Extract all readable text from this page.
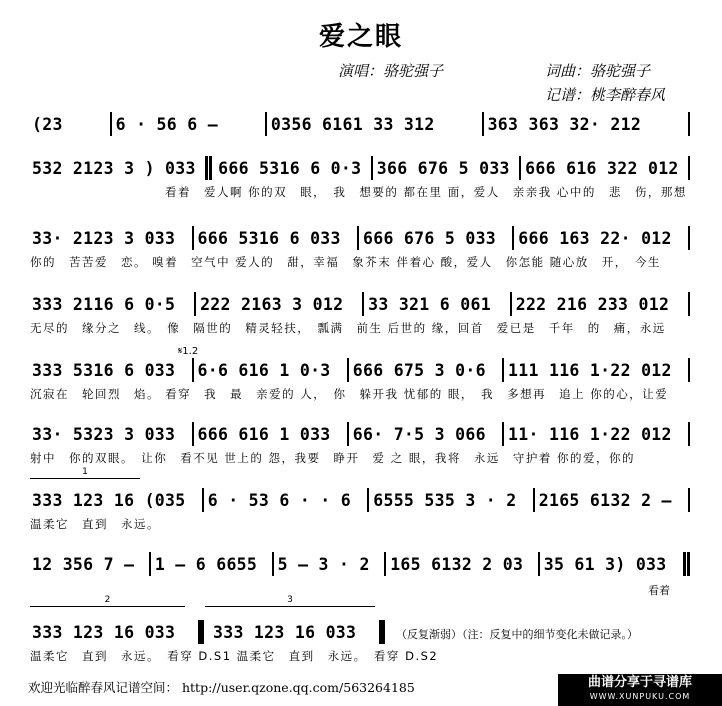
爱之眼
演唱：骆驼强子	词曲：骆驼强子
记谱：桃李醉春风
(23	6 · 56 6 –	0356 6161 33 312	363 363 32· 212
532 2123 3 ) 033	666 5316 6 0·3 366 676 5 033 666 616 322 012
看着　爱人啊 你的双　眼，　我　想要的 都在里 面，爱人　亲亲我 心中的　悲　伤，那想
33· 2123 3 033	666 5316 6 033	666 676 5 033	666 163 22· 012
你的　苦苦爱　恋。 嗅着　空气中 爱人的　甜，幸福　象芥末 伴着心 酸，爱人　你怎能 随心放　开，　今生
333 2116 6 0·5	222 2163 3 012	33 321 6 061	222 216 233 012
无尽的　缘分之　线。　像　隔世的　精灵轻扶，　瓢满　前生 后世的 缘，回首　爱已是　千年　的　痛，永远
𝄋1.2
333 5316 6 033	6·6 616 1 0·3	666 675 3 0·6	111 116 1·22 012
沉寂在　轮回烈　焰。 看穿　我　最　亲爱的 人，　你　躲开我 忧郁的 眼，　我　多想再　追上 你的心，让爱
33· 5323 3 033	666 616 1 033	66· 7·5 3 066	11· 116 1·22 012
射中　你的双眼。　让你　看不见 世上的 怨，我要　睁开　爱 之 眼，我将　永远　守护着 你的爱，你的
1
333 123 16 (035	6 · 53 6 · · 6	6555 535 3 · 2	2165 6132 2 –
温柔它　直到　永远。
12 356 7 –	1 – 6 6655	5 – 3 · 2	165 6132 2 03	35 61 3) 033
看着
2	3
333 123 16 033	333 123 16 033
温柔它　直到　永远。　看穿 D.S1 温柔它　直到　永远。　看穿 D.S2
（反复渐弱）（注：反复中的细节变化未做记录。）
欢迎光临醉春风记谱空间： http://user.qzone.qq.com/563264185	曲谱分享于寻谱库
WWW.XUNPUKU.COM
